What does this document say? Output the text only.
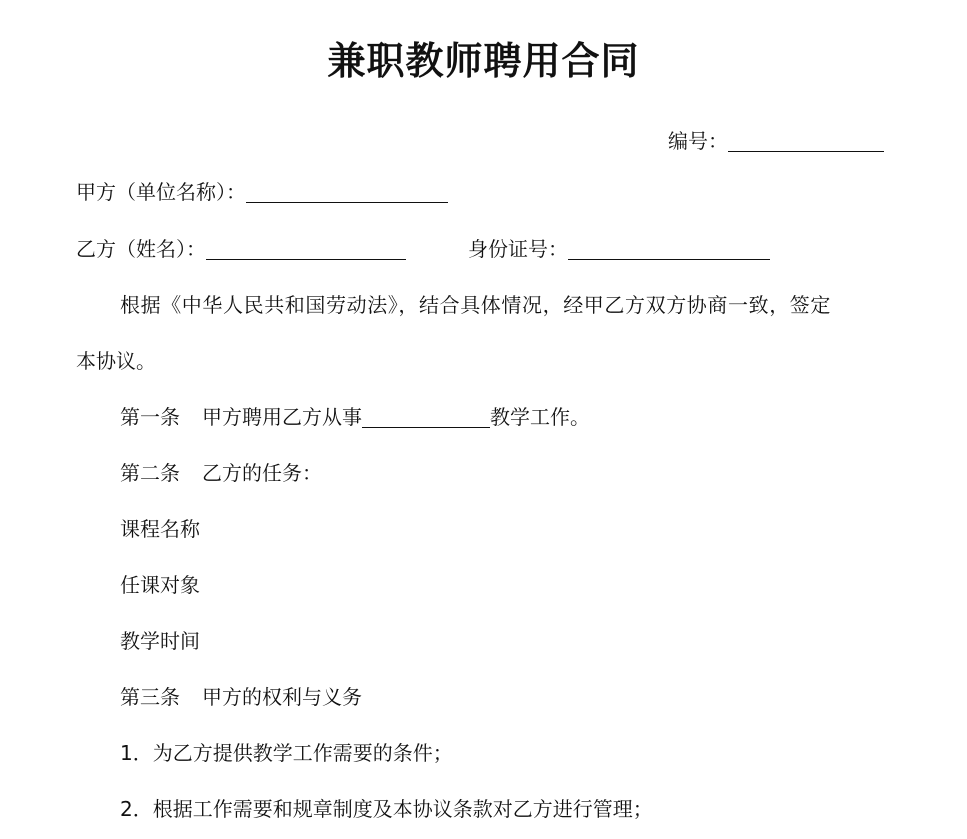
兼职教师聘用合同
编号：
甲方（单位名称）：
乙方（姓名）：	身份证号：
根据《中华人民共和国劳动法》，结合具体情况，经甲乙方双方协商一致，签定
本协议。
第一条 甲方聘用乙方从事	教学工作。
第二条 乙方的任务：
课程名称
任课对象
教学时间
第三条 甲方的权利与义务
1．为乙方提供教学工作需要的条件；
2．根据工作需要和规章制度及本协议条款对乙方进行管理；
